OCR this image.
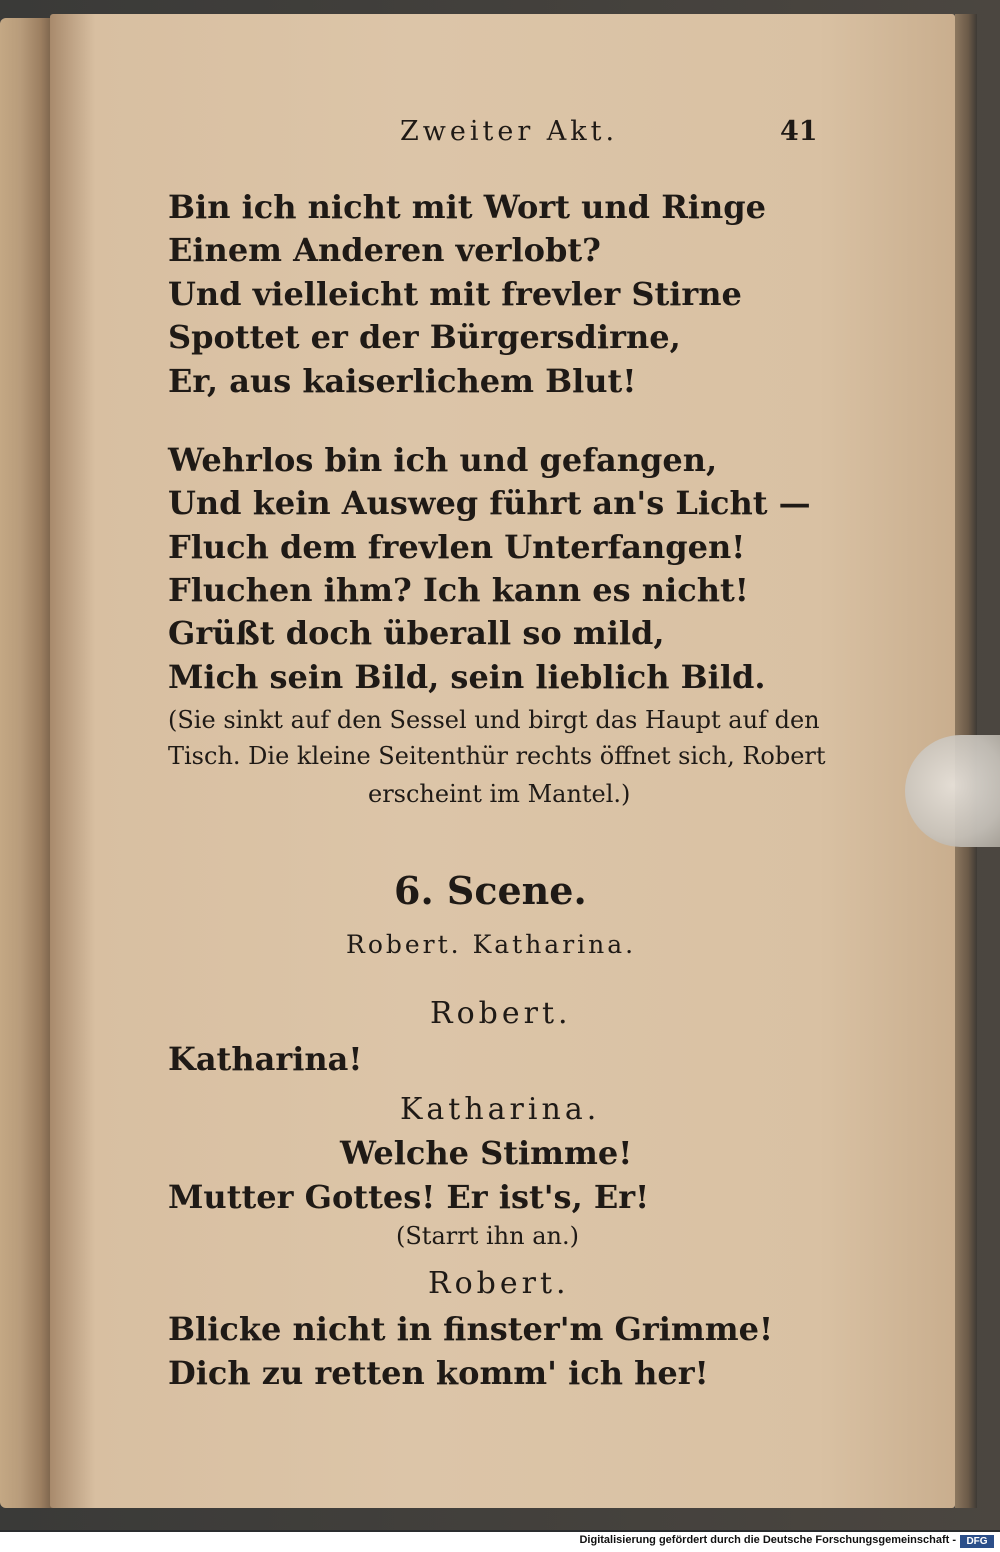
Zweiter Akt.	41
Bin ich nicht mit Wort und Ringe
Einem Anderen verlobt?
Und vielleicht mit frevler Stirne
Spottet er der Bürgersdirne,
Er, aus kaiserlichem Blut!
Wehrlos bin ich und gefangen,
Und kein Ausweg führt an's Licht —
Fluch dem frevlen Unterfangen!
Fluchen ihm? Ich kann es nicht!
Grüßt doch überall so mild,
Mich sein Bild, sein lieblich Bild.
(Sie sinkt auf den Sessel und birgt das Haupt auf den
Tisch. Die kleine Seitenthür rechts öffnet sich, Robert
erscheint im Mantel.)
6. Scene.
Robert. Katharina.
Robert.
Katharina!
Katharina.
Welche Stimme!
Mutter Gottes! Er ist's, Er!
(Starrt ihn an.)
Robert.
Blicke nicht in finster'm Grimme!
Dich zu retten komm' ich her!
Digitalisierung gefördert durch die Deutsche Forschungsgemeinschaft -	DFG
